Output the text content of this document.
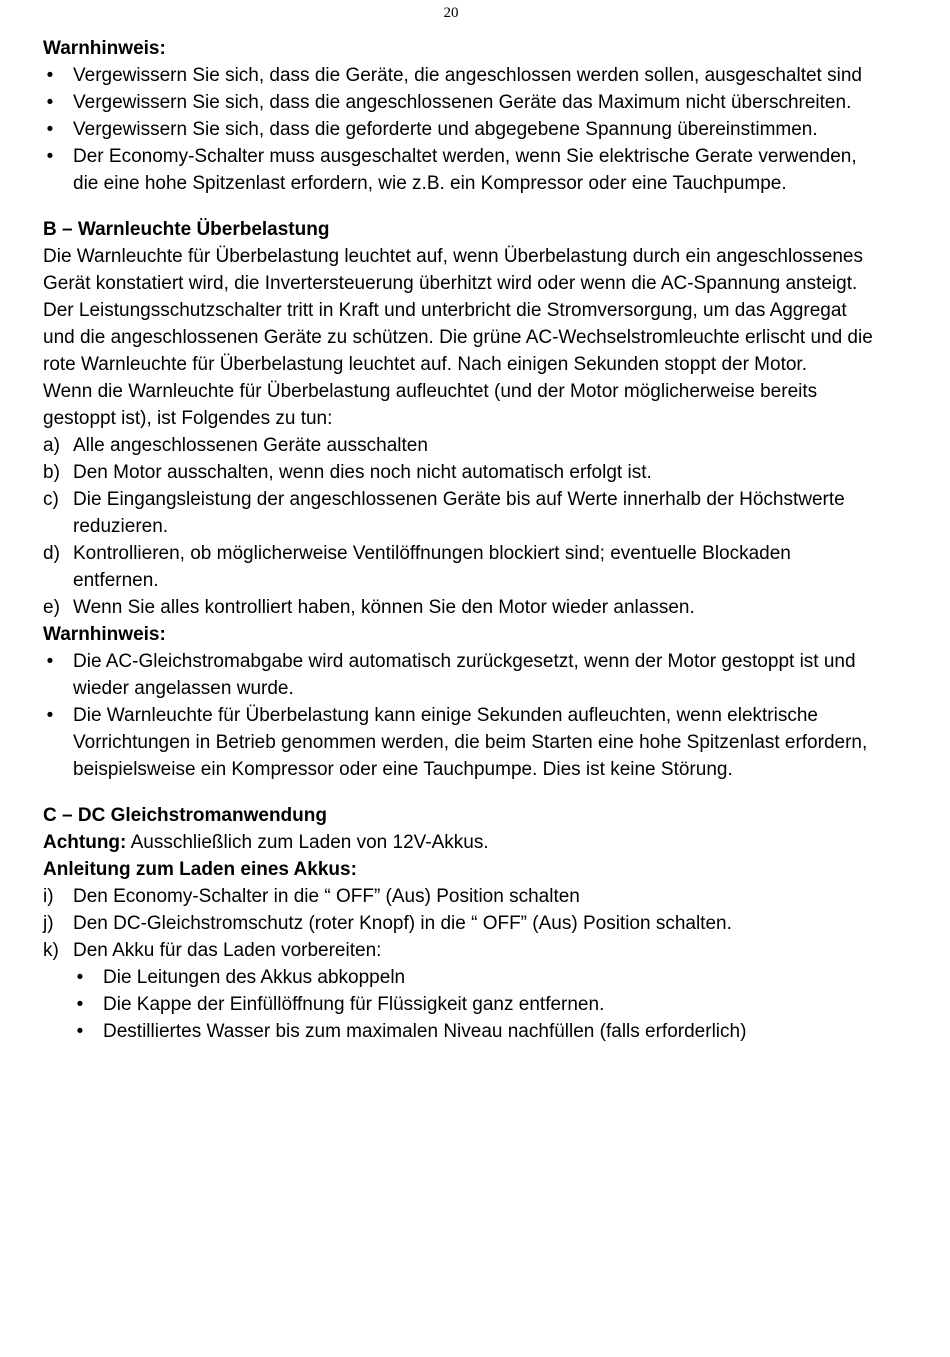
20
Warnhinweis:
• Vergewissern Sie sich, dass die Geräte, die angeschlossen werden sollen, ausgeschaltet sind
• Vergewissern Sie sich, dass die angeschlossenen Geräte das Maximum nicht überschreiten.
• Vergewissern Sie sich, dass die geforderte und abgegebene Spannung übereinstimmen.
• Der Economy-Schalter muss ausgeschaltet werden, wenn Sie elektrische Gerate verwenden, die eine hohe Spitzenlast erfordern, wie z.B. ein Kompressor oder eine Tauchpumpe.
B – Warnleuchte Überbelastung
Die Warnleuchte für Überbelastung leuchtet auf, wenn Überbelastung durch ein angeschlossenes Gerät konstatiert wird, die Invertersteuerung überhitzt wird oder wenn die AC-Spannung ansteigt. Der Leistungsschutzschalter tritt in Kraft und unterbricht die Stromversorgung, um das Aggregat und die angeschlossenen Geräte zu schützen. Die grüne AC-Wechselstromleuchte erlischt und die rote Warnleuchte für Überbelastung leuchtet auf. Nach einigen Sekunden stoppt der Motor.
Wenn die Warnleuchte für Überbelastung aufleuchtet (und der Motor möglicherweise bereits gestoppt ist), ist Folgendes zu tun:
a) Alle angeschlossenen Geräte ausschalten
b) Den Motor ausschalten, wenn dies noch nicht automatisch erfolgt ist.
c) Die Eingangsleistung der angeschlossenen Geräte bis auf Werte innerhalb der Höchstwerte reduzieren.
d) Kontrollieren, ob möglicherweise Ventilöffnungen blockiert sind; eventuelle Blockaden entfernen.
e) Wenn Sie alles kontrolliert haben, können Sie den Motor wieder anlassen.
Warnhinweis:
• Die AC-Gleichstromabgabe wird automatisch zurückgesetzt, wenn der Motor gestoppt ist und wieder angelassen wurde.
• Die Warnleuchte für Überbelastung kann einige Sekunden aufleuchten, wenn elektrische Vorrichtungen in Betrieb genommen werden, die beim Starten eine hohe Spitzenlast erfordern, beispielsweise ein Kompressor oder eine Tauchpumpe. Dies ist keine Störung.
C – DC Gleichstromanwendung
Achtung: Ausschließlich zum Laden von 12V-Akkus.
Anleitung zum Laden eines Akkus:
i) Den Economy-Schalter in die “ OFF” (Aus) Position schalten
j) Den DC-Gleichstromschutz (roter Knopf) in die “ OFF” (Aus) Position schalten.
k) Den Akku für das Laden vorbereiten:
• Die Leitungen des Akkus abkoppeln
• Die Kappe der Einfüllöffnung für Flüssigkeit ganz entfernen.
• Destilliertes Wasser bis zum maximalen Niveau nachfüllen (falls erforderlich)
